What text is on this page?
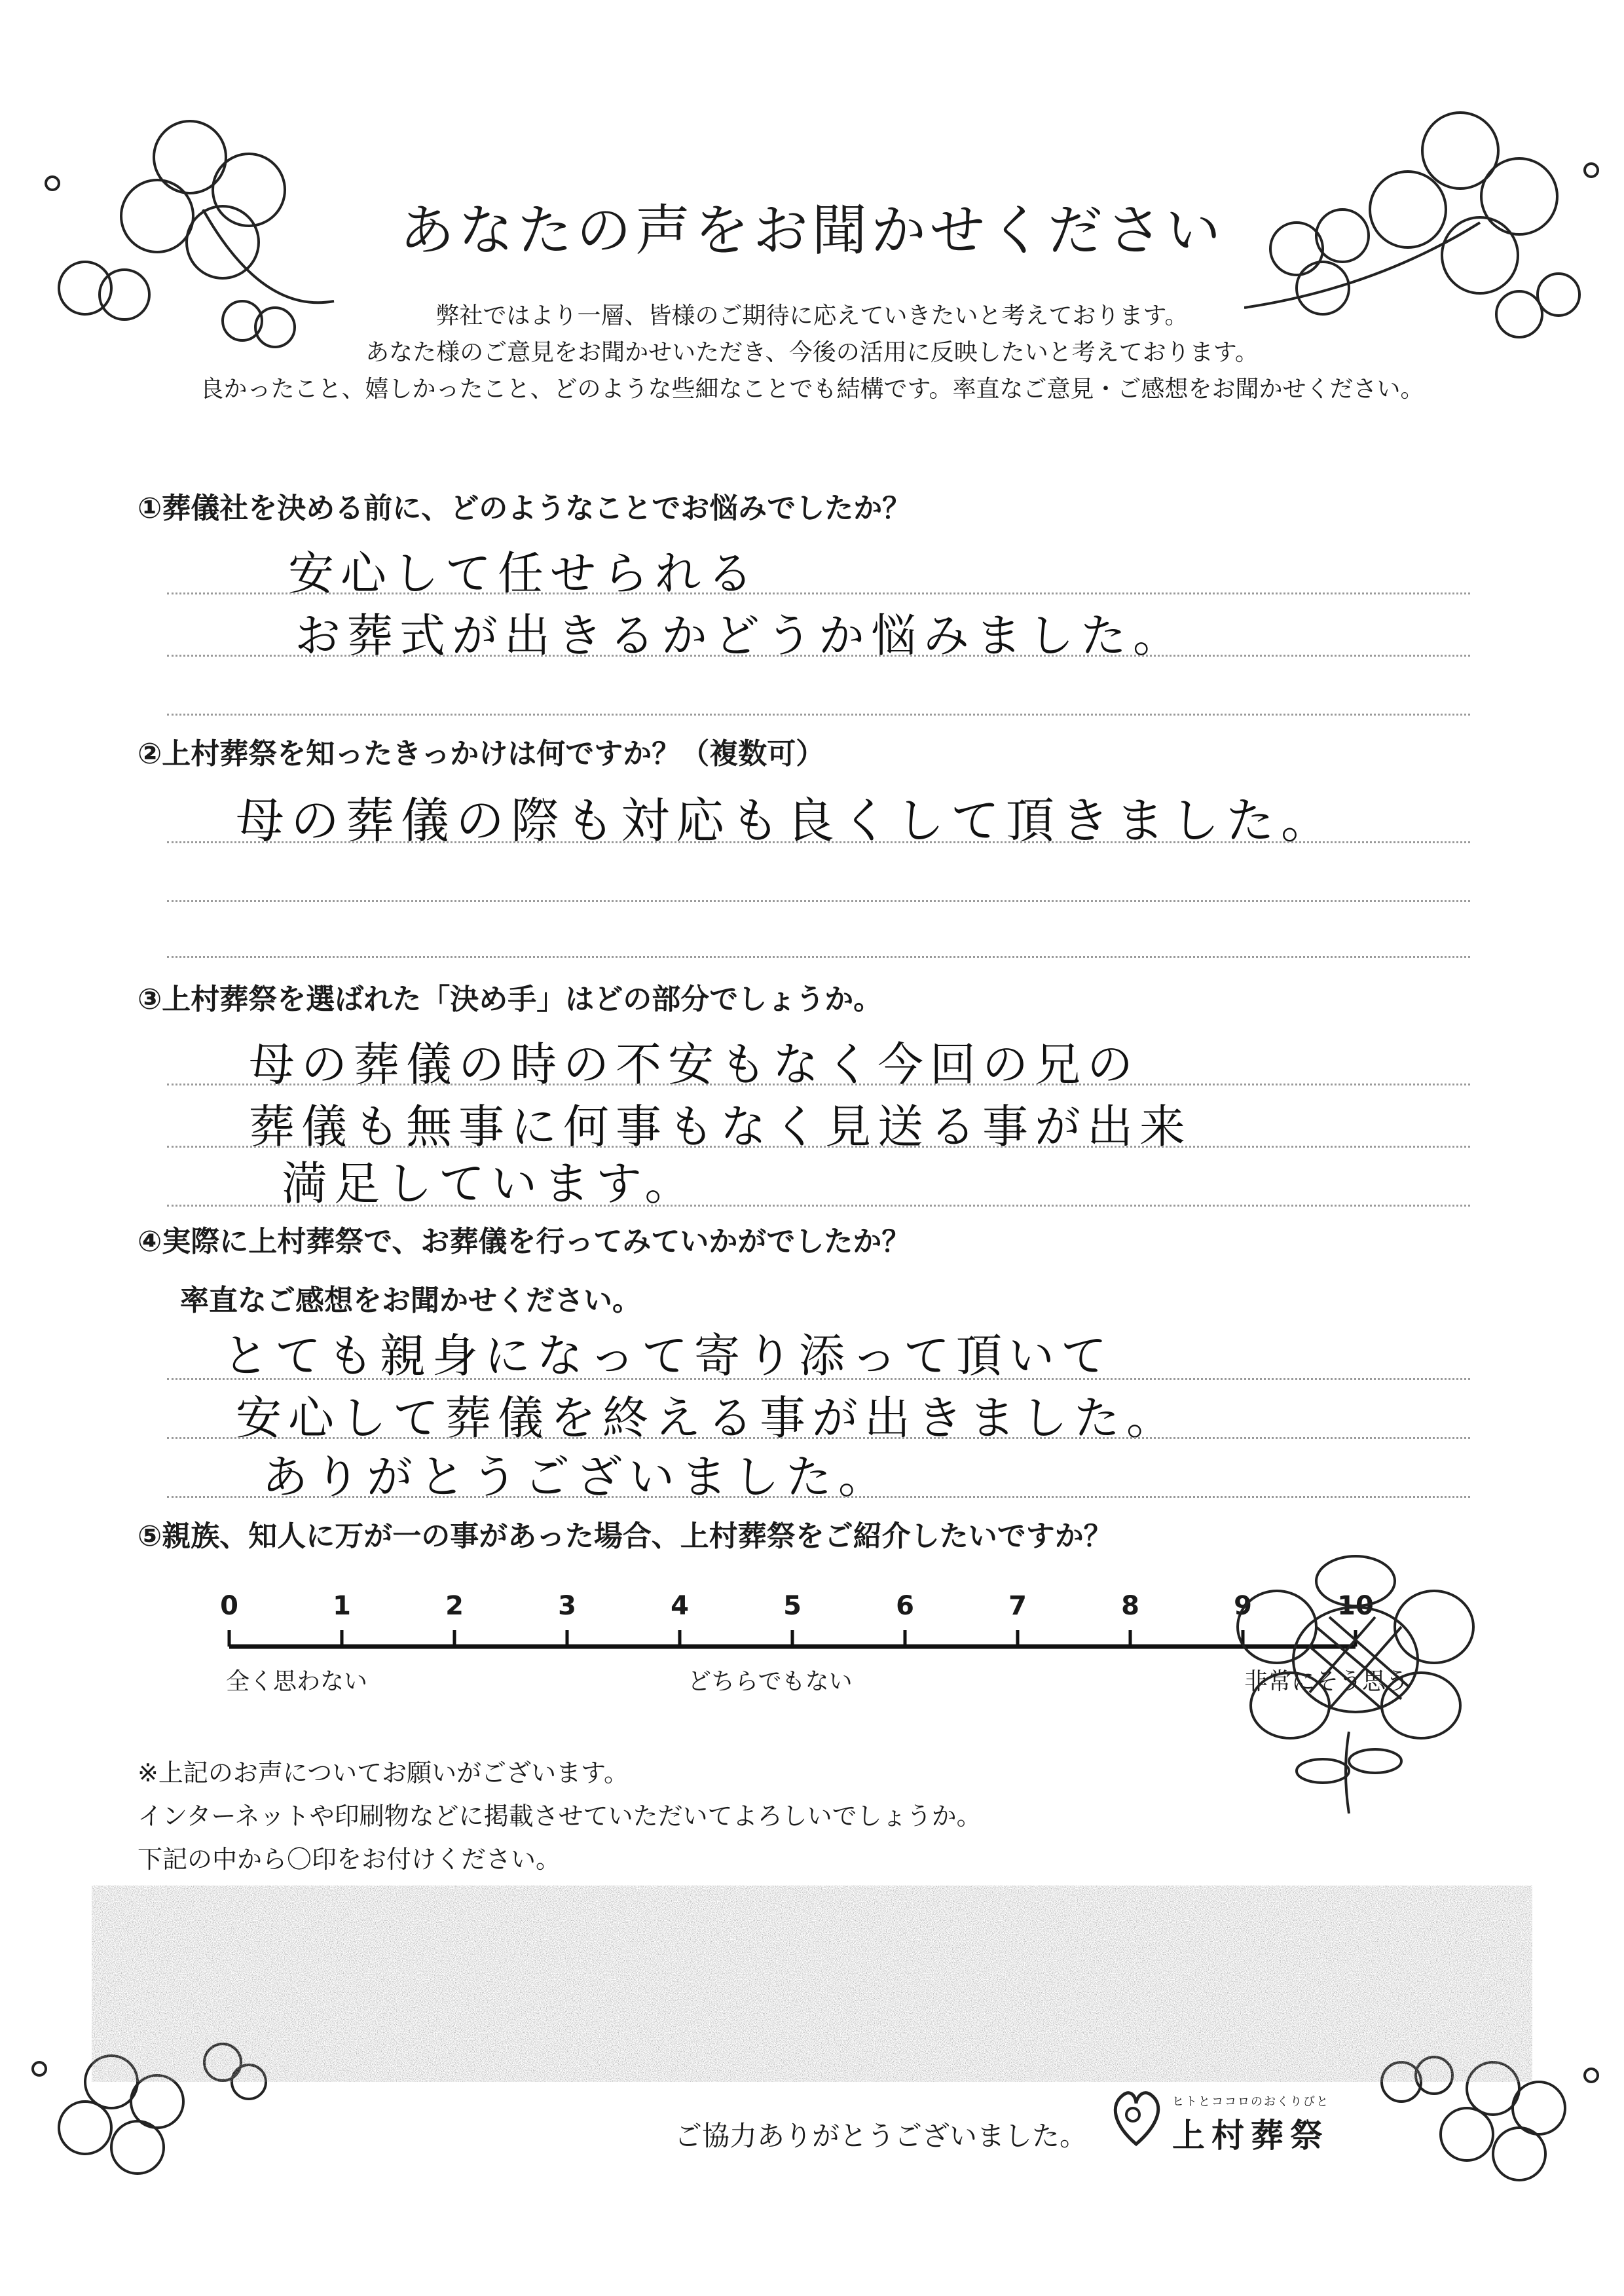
あなたの声をお聞かせください
弊社ではより一層、皆様のご期待に応えていきたいと考えております。
あなた様のご意見をお聞かせいただき、今後の活用に反映したいと考えております。
良かったこと、嬉しかったこと、どのような些細なことでも結構です。率直なご意見・ご感想をお聞かせください。
①葬儀社を決める前に、どのようなことでお悩みでしたか？
安心して任せられる
お葬式が出きるかどうか悩みました。
②上村葬祭を知ったきっかけは何ですか？（複数可）
母の葬儀の際も対応も良くして頂きました。
③上村葬祭を選ばれた「決め手」はどの部分でしょうか。
母の葬儀の時の不安もなく今回の兄の
葬儀も無事に何事もなく見送る事が出来
満足しています。
④実際に上村葬祭で、お葬儀を行ってみていかがでしたか？
率直なご感想をお聞かせください。
とても親身になって寄り添って頂いて
安心して葬儀を終える事が出きました。
ありがとうございました。
⑤親族、知人に万が一の事があった場合、上村葬祭をご紹介したいですか？
0	1	2	3	4	5	6	7	8	9	10
全く思わない	どちらでもない	非常にそう思う
※上記のお声についてお願いがございます。
インターネットや印刷物などに掲載させていただいてよろしいでしょうか。
下記の中から〇印をお付けください。
ご協力ありがとうございました。
ヒトとココロのおくりびと
上村葬祭
